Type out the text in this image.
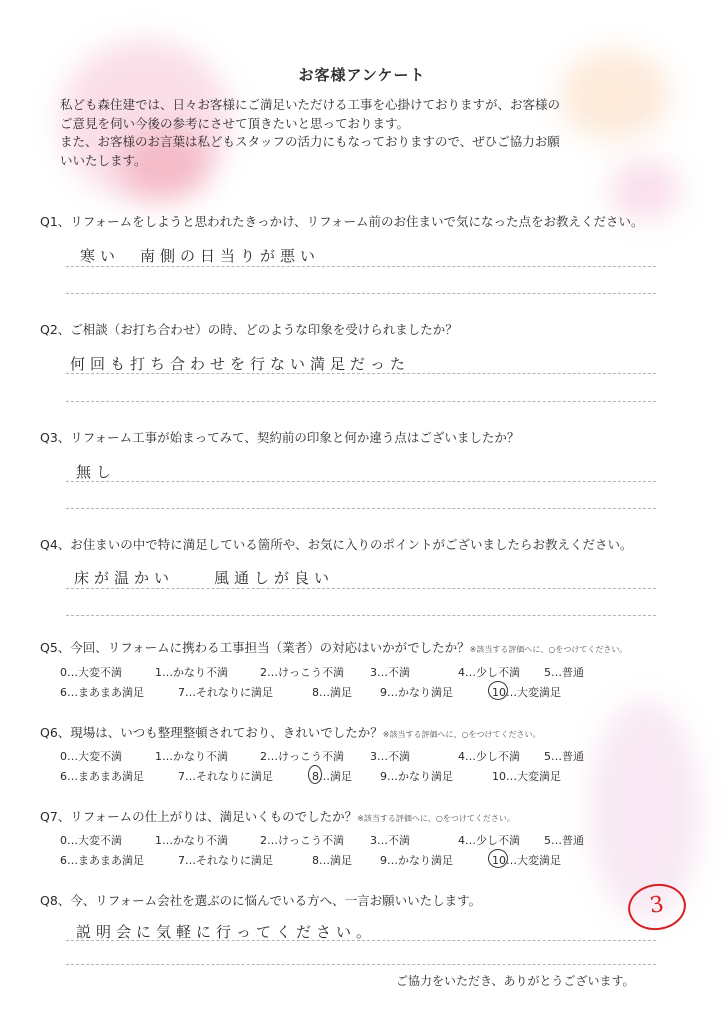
お客様アンケート
私ども森住建では、日々お客様にご満足いただける工事を心掛けておりますが、お客様の
ご意見を伺い今後の参考にさせて頂きたいと思っております。
また、お客様のお言葉は私どもスタッフの活力にもなっておりますので、ぜひご協力お願
いいたします。
Q1、リフォームをしようと思われたきっかけ、リフォーム前のお住まいで気になった点をお教えください。
寒い　南側の日当りが悪い
Q2、ご相談（お打ち合わせ）の時、どのような印象を受けられましたか？
何回も打ち合わせを行ない満足だった
Q3、リフォーム工事が始まってみて、契約前の印象と何か違う点はございましたか？
無し
Q4、お住まいの中で特に満足している箇所や、お気に入りのポイントがございましたらお教えください。
床が温かい　　風通しが良い
Q5、今回、リフォームに携わる工事担当（業者）の対応はいかがでしたか？※該当する評価へに、○をつけてください。
0…大変不満	1…かなり不満	2…けっこう不満 3…不満	4…少し不満 5…普通
6…まあまあ満足	7…それなりに満足	8…満足	9…かなり満足	10…大変満足
Q6、現場は、いつも整理整頓されており、きれいでしたか？※該当する評価へに、○をつけてください。
0…大変不満	1…かなり不満	2…けっこう不満 3…不満	4…少し不満 5…普通
6…まあまあ満足	7…それなりに満足	8…満足	9…かなり満足	10…大変満足
Q7、リフォームの仕上がりは、満足いくものでしたか？※該当する評価へに、○をつけてください。
0…大変不満	1…かなり不満	2…けっこう不満 3…不満	4…少し不満 5…普通
6…まあまあ満足	7…それなりに満足	8…満足	9…かなり満足	10…大変満足
Q8、今、リフォーム会社を選ぶのに悩んでいる方へ、一言お願いいたします。
説明会に気軽に行ってください。
3
ご協力をいただき、ありがとうございます。
